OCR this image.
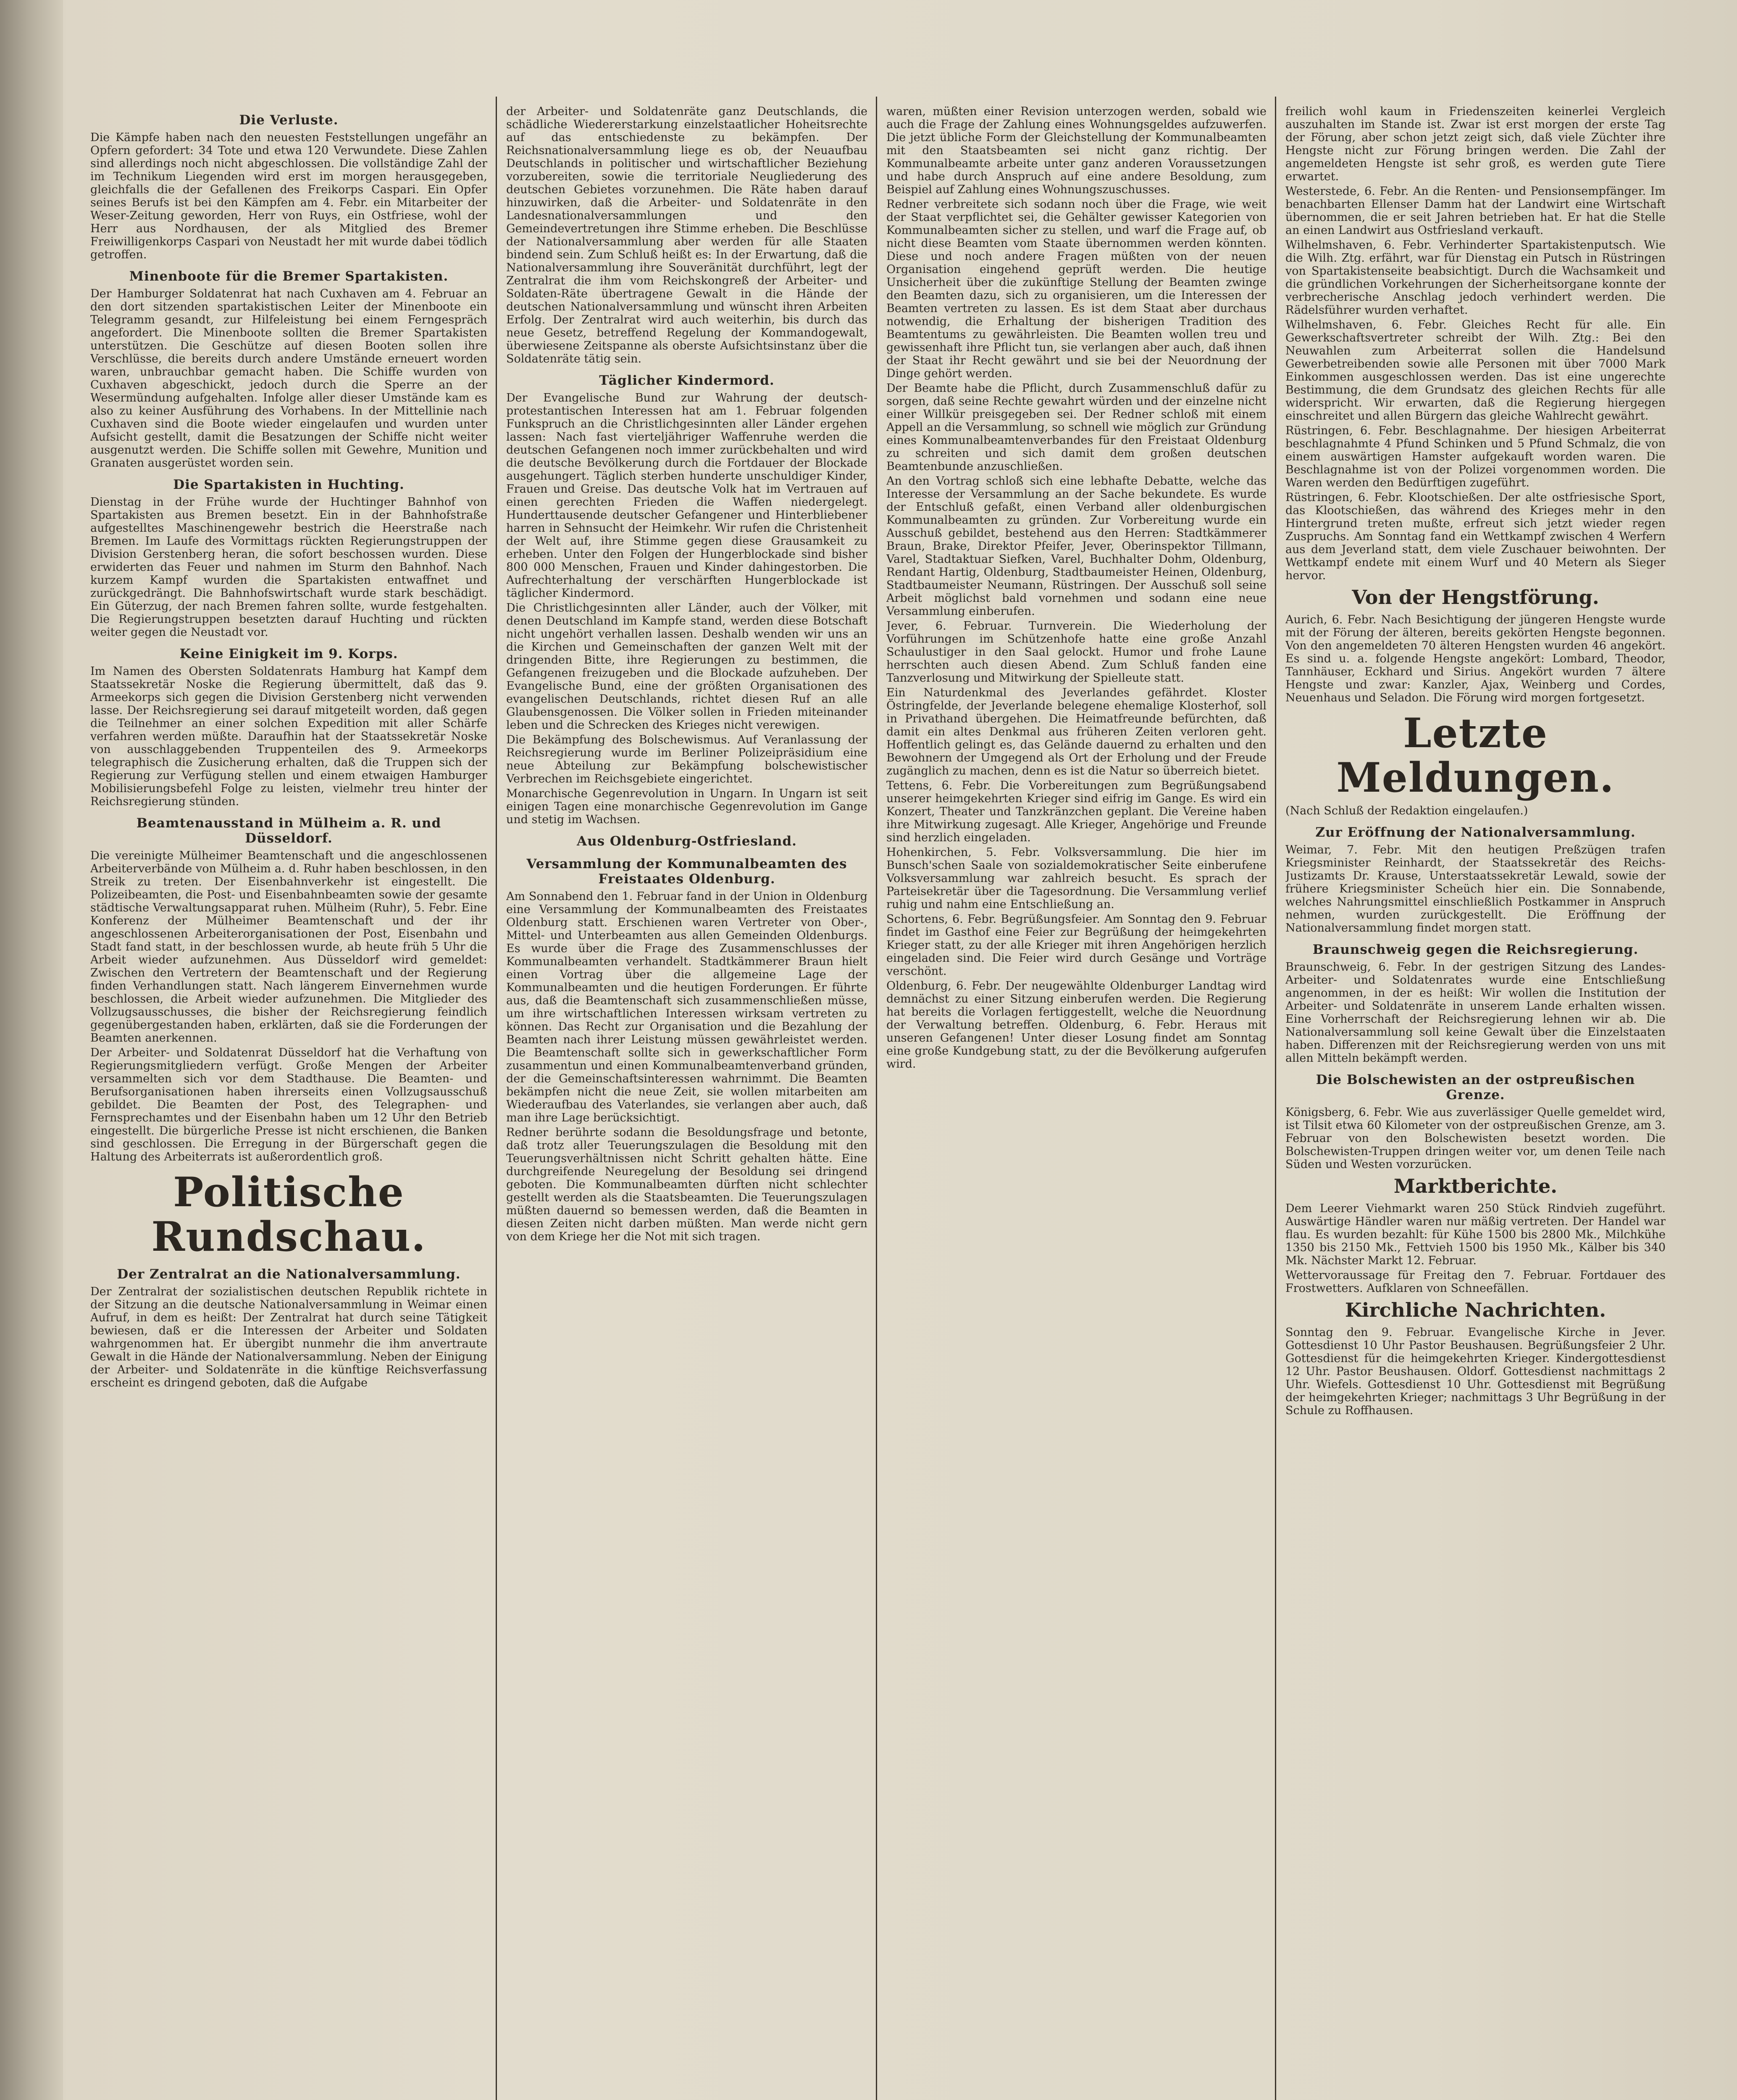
Die Verluste.

Die Kämpfe haben nach den neuesten Feststellungen ungefähr an Opfern gefordert: 34 Tote und etwa 120 Verwundete. Diese Zahlen sind allerdings noch nicht abgeschlossen. Die vollständige Zahl der im Technikum Liegenden wird erst im morgen herausgegeben, gleichfalls die der Gefallenen des Freikorps Caspari. Ein Opfer seines Berufs ist bei den Kämpfen am 4. Febr. ein Mitarbeiter der Weser-Zeitung geworden, Herr von Ruys, ein Ostfriese, wohl der Herr aus Nordhausen, der als Mitglied des Bremer Freiwilligenkorps Caspari von Neustadt her mit wurde dabei tödlich getroffen.

Minenboote für die Bremer Spartakisten.

Der Hamburger Soldatenrat hat nach Cuxhaven am 4. Februar an den dort sitzenden spartakistischen Leiter der Minenboote ein Telegramm gesandt, zur Hilfeleistung bei einem Ferngespräch angefordert. Die Minenboote sollten die Bremer Spartakisten unterstützen. Die Geschütze auf diesen Booten sollen ihre Verschlüsse, die bereits durch andere Umstände erneuert worden waren, unbrauchbar gemacht haben. Die Schiffe wurden von Cuxhaven abgeschickt, jedoch durch die Sperre an der Wesermündung aufgehalten. Infolge aller dieser Umstände kam es also zu keiner Ausführung des Vorhabens. In der Mittellinie nach Cuxhaven sind die Boote wieder eingelaufen und wurden unter Aufsicht gestellt, damit die Besatzungen der Schiffe nicht weiter ausgenutzt werden. Die Schiffe sollen mit Gewehre, Munition und Granaten ausgerüstet worden sein.

Die Spartakisten in Huchting.

Dienstag in der Frühe wurde der Huchtinger Bahnhof von Spartakisten aus Bremen besetzt. Ein in der Bahnhofstraße aufgestelltes Maschinengewehr bestrich die Heerstraße nach Bremen. Im Laufe des Vormittags rückten Regierungstruppen der Division Gerstenberg heran, die sofort beschossen wurden. Diese erwiderten das Feuer und nahmen im Sturm den Bahnhof. Nach kurzem Kampf wurden die Spartakisten entwaffnet und zurückgedrängt. Die Bahnhofswirtschaft wurde stark beschädigt. Ein Güterzug, der nach Bremen fahren sollte, wurde festgehalten. Die Regierungstruppen besetzten darauf Huchting und rückten weiter gegen die Neustadt vor.

Keine Einigkeit im 9. Korps.

Im Namen des Obersten Soldatenrats Hamburg hat Kampf dem Staatssekretär Noske die Regierung übermittelt, daß das 9. Armeekorps sich gegen die Division Gerstenberg nicht verwenden lasse. Der Reichsregierung sei darauf mitgeteilt worden, daß gegen die Teilnehmer an einer solchen Expedition mit aller Schärfe verfahren werden müßte. Daraufhin hat der Staatssekretär Noske von ausschlaggebenden Truppenteilen des 9. Armeekorps telegraphisch die Zusicherung erhalten, daß die Truppen sich der Regierung zur Verfügung stellen und einem etwaigen Hamburger Mobilisierungsbefehl Folge zu leisten, vielmehr treu hinter der Reichsregierung stünden.

Beamtenausstand in Mülheim a. R. und Düsseldorf.

Die vereinigte Mülheimer Beamtenschaft und die angeschlossenen Arbeiterverbände von Mülheim a. d. Ruhr haben beschlossen, in den Streik zu treten. Der Eisenbahnverkehr ist eingestellt. Die Polizeibeamten, die Post- und Eisenbahnbeamten sowie der gesamte städtische Verwaltungsapparat ruhen. Mülheim (Ruhr), 5. Febr. Eine Konferenz der Mülheimer Beamtenschaft und der ihr angeschlossenen Arbeiterorganisationen der Post, Eisenbahn und Stadt fand statt, in der beschlossen wurde, ab heute früh 5 Uhr die Arbeit wieder aufzunehmen. Aus Düsseldorf wird gemeldet: Zwischen den Vertretern der Beamtenschaft und der Regierung finden Verhandlungen statt. Nach längerem Einvernehmen wurde beschlossen, die Arbeit wieder aufzunehmen. Die Mitglieder des Vollzugsausschusses, die bisher der Reichsregierung feindlich gegenübergestanden haben, erklärten, daß sie die Forderungen der Beamten anerkennen.

Der Arbeiter- und Soldatenrat Düsseldorf hat die Verhaftung von Regierungsmitgliedern verfügt. Große Mengen der Arbeiter versammelten sich vor dem Stadthause. Die Beamten- und Berufsorganisationen haben ihrerseits einen Vollzugsausschuß gebildet. Die Beamten der Post, des Telegraphen- und Fernsprechamtes und der Eisenbahn haben um 12 Uhr den Betrieb eingestellt. Die bürgerliche Presse ist nicht erschienen, die Banken sind geschlossen. Die Erregung in der Bürgerschaft gegen die Haltung des Arbeiterrats ist außerordentlich groß.

Politische Rundschau.
Der Zentralrat an die Nationalversammlung.

Der Zentralrat der sozialistischen deutschen Republik richtete in der Sitzung an die deutsche Nationalversammlung in Weimar einen Aufruf, in dem es heißt: Der Zentralrat hat durch seine Tätigkeit bewiesen, daß er die Interessen der Arbeiter und Soldaten wahrgenommen hat. Er übergibt nunmehr die ihm anvertraute Gewalt in die Hände der Nationalversammlung. Neben der Einigung der Arbeiter- und Soldatenräte in die künftige Reichsverfassung erscheint es dringend geboten, daß die Aufgabe

der Arbeiter- und Soldatenräte ganz Deutschlands, die schädliche Wiedererstarkung einzelstaatlicher Hoheitsrechte auf das entschiedenste zu bekämpfen. Der Reichsnationalversammlung liege es ob, der Neuaufbau Deutschlands in politischer und wirtschaftlicher Beziehung vorzubereiten, sowie die territoriale Neugliederung des deutschen Gebietes vorzunehmen. Die Räte haben darauf hinzuwirken, daß die Arbeiter- und Soldatenräte in den Landesnationalversammlungen und den Gemeindevertretungen ihre Stimme erheben. Die Beschlüsse der Nationalversammlung aber werden für alle Staaten bindend sein. Zum Schluß heißt es: In der Erwartung, daß die Nationalversammlung ihre Souveränität durchführt, legt der Zentralrat die ihm vom Reichskongreß der Arbeiter- und Soldaten-Räte übertragene Gewalt in die Hände der deutschen Nationalversammlung und wünscht ihren Arbeiten Erfolg. Der Zentralrat wird auch weiterhin, bis durch das neue Gesetz, betreffend Regelung der Kommandogewalt, überwiesene Zeitspanne als oberste Aufsichtsinstanz über die Soldatenräte tätig sein.

Täglicher Kindermord.

Der Evangelische Bund zur Wahrung der deutsch-protestantischen Interessen hat am 1. Februar folgenden Funkspruch an die Christlichgesinnten aller Länder ergehen lassen: Nach fast vierteljähriger Waffenruhe werden die deutschen Gefangenen noch immer zurückbehalten und wird die deutsche Bevölkerung durch die Fortdauer der Blockade ausgehungert. Täglich sterben hunderte unschuldiger Kinder, Frauen und Greise. Das deutsche Volk hat im Vertrauen auf einen gerechten Frieden die Waffen niedergelegt. Hunderttausende deutscher Gefangener und Hinterbliebener harren in Sehnsucht der Heimkehr. Wir rufen die Christenheit der Welt auf, ihre Stimme gegen diese Grausamkeit zu erheben. Unter den Folgen der Hungerblockade sind bisher 800 000 Menschen, Frauen und Kinder dahingestorben. Die Aufrechterhaltung der verschärften Hungerblockade ist täglicher Kindermord.

Die Christlichgesinnten aller Länder, auch der Völker, mit denen Deutschland im Kampfe stand, werden diese Botschaft nicht ungehört verhallen lassen. Deshalb wenden wir uns an die Kirchen und Gemeinschaften der ganzen Welt mit der dringenden Bitte, ihre Regierungen zu bestimmen, die Gefangenen freizugeben und die Blockade aufzuheben. Der Evangelische Bund, eine der größten Organisationen des evangelischen Deutschlands, richtet diesen Ruf an alle Glaubensgenossen. Die Völker sollen in Frieden miteinander leben und die Schrecken des Krieges nicht verewigen.

Die Bekämpfung des Bolschewismus. Auf Veranlassung der Reichsregierung wurde im Berliner Polizeipräsidium eine neue Abteilung zur Bekämpfung bolschewistischer Verbrechen im Reichsgebiete eingerichtet.

Monarchische Gegenrevolution in Ungarn. In Ungarn ist seit einigen Tagen eine monarchische Gegenrevolution im Gange und stetig im Wachsen.

Aus Oldenburg-Ostfriesland.
Versammlung der Kommunalbeamten des Freistaates Oldenburg.

Am Sonnabend den 1. Februar fand in der Union in Oldenburg eine Versammlung der Kommunalbeamten des Freistaates Oldenburg statt. Erschienen waren Vertreter von Ober-, Mittel- und Unterbeamten aus allen Gemeinden Oldenburgs. Es wurde über die Frage des Zusammenschlusses der Kommunalbeamten verhandelt. Stadtkämmerer Braun hielt einen Vortrag über die allgemeine Lage der Kommunalbeamten und die heutigen Forderungen. Er führte aus, daß die Beamtenschaft sich zusammenschließen müsse, um ihre wirtschaftlichen Interessen wirksam vertreten zu können. Das Recht zur Organisation und die Bezahlung der Beamten nach ihrer Leistung müssen gewährleistet werden. Die Beamtenschaft sollte sich in gewerkschaftlicher Form zusammentun und einen Kommunalbeamtenverband gründen, der die Gemeinschaftsinteressen wahrnimmt. Die Beamten bekämpfen nicht die neue Zeit, sie wollen mitarbeiten am Wiederaufbau des Vaterlandes, sie verlangen aber auch, daß man ihre Lage berücksichtigt.

Redner berührte sodann die Besoldungsfrage und betonte, daß trotz aller Teuerungszulagen die Besoldung mit den Teuerungsverhältnissen nicht Schritt gehalten hätte. Eine durchgreifende Neuregelung der Besoldung sei dringend geboten. Die Kommunalbeamten dürften nicht schlechter gestellt werden als die Staatsbeamten. Die Teuerungszulagen müßten dauernd so bemessen werden, daß die Beamten in diesen Zeiten nicht darben müßten. Man werde nicht gern von dem Kriege her die Not mit sich tragen.

waren, müßten einer Revision unterzogen werden, sobald wie auch die Frage der Zahlung eines Wohnungsgeldes aufzuwerfen. Die jetzt übliche Form der Gleichstellung der Kommunalbeamten mit den Staatsbeamten sei nicht ganz richtig. Der Kommunalbeamte arbeite unter ganz anderen Voraussetzungen und habe durch Anspruch auf eine andere Besoldung, zum Beispiel auf Zahlung eines Wohnungszuschusses.

Redner verbreitete sich sodann noch über die Frage, wie weit der Staat verpflichtet sei, die Gehälter gewisser Kategorien von Kommunalbeamten sicher zu stellen, und warf die Frage auf, ob nicht diese Beamten vom Staate übernommen werden könnten. Diese und noch andere Fragen müßten von der neuen Organisation eingehend geprüft werden. Die heutige Unsicherheit über die zukünftige Stellung der Beamten zwinge den Beamten dazu, sich zu organisieren, um die Interessen der Beamten vertreten zu lassen. Es ist dem Staat aber durchaus notwendig, die Erhaltung der bisherigen Tradition des Beamtentums zu gewährleisten. Die Beamten wollen treu und gewissenhaft ihre Pflicht tun, sie verlangen aber auch, daß ihnen der Staat ihr Recht gewährt und sie bei der Neuordnung der Dinge gehört werden.

Der Beamte habe die Pflicht, durch Zusammenschluß dafür zu sorgen, daß seine Rechte gewahrt würden und der einzelne nicht einer Willkür preisgegeben sei. Der Redner schloß mit einem Appell an die Versammlung, so schnell wie möglich zur Gründung eines Kommunalbeamtenverbandes für den Freistaat Oldenburg zu schreiten und sich damit dem großen deutschen Beamtenbunde anzuschließen.

An den Vortrag schloß sich eine lebhafte Debatte, welche das Interesse der Versammlung an der Sache bekundete. Es wurde der Entschluß gefaßt, einen Verband aller oldenburgischen Kommunalbeamten zu gründen. Zur Vorbereitung wurde ein Ausschuß gebildet, bestehend aus den Herren: Stadtkämmerer Braun, Brake, Direktor Pfeifer, Jever, Oberinspektor Tillmann, Varel, Stadtaktuar Siefken, Varel, Buchhalter Dohm, Oldenburg, Rendant Hartig, Oldenburg, Stadtbaumeister Heinen, Oldenburg, Stadtbaumeister Neumann, Rüstringen. Der Ausschuß soll seine Arbeit möglichst bald vornehmen und sodann eine neue Versammlung einberufen.

Jever, 6. Februar. Turnverein. Die Wiederholung der Vorführungen im Schützenhofe hatte eine große Anzahl Schaulustiger in den Saal gelockt. Humor und frohe Laune herrschten auch diesen Abend. Zum Schluß fanden eine Tanzverlosung und Mitwirkung der Spielleute statt.

Ein Naturdenkmal des Jeverlandes gefährdet. Kloster Östringfelde, der Jeverlande belegene ehemalige Klosterhof, soll in Privathand übergehen. Die Heimatfreunde befürchten, daß damit ein altes Denkmal aus früheren Zeiten verloren geht. Hoffentlich gelingt es, das Gelände dauernd zu erhalten und den Bewohnern der Umgegend als Ort der Erholung und der Freude zugänglich zu machen, denn es ist die Natur so überreich bietet.

Tettens, 6. Febr. Die Vorbereitungen zum Begrüßungsabend unserer heimgekehrten Krieger sind eifrig im Gange. Es wird ein Konzert, Theater und Tanzkränzchen geplant. Die Vereine haben ihre Mitwirkung zugesagt. Alle Krieger, Angehörige und Freunde sind herzlich eingeladen.

Hohenkirchen, 5. Febr. Volksversammlung. Die hier im Bunsch'schen Saale von sozialdemokratischer Seite einberufene Volksversammlung war zahlreich besucht. Es sprach der Parteisekretär über die Tagesordnung. Die Versammlung verlief ruhig und nahm eine Entschließung an.

Schortens, 6. Febr. Begrüßungsfeier. Am Sonntag den 9. Februar findet im Gasthof eine Feier zur Begrüßung der heimgekehrten Krieger statt, zu der alle Krieger mit ihren Angehörigen herzlich eingeladen sind. Die Feier wird durch Gesänge und Vorträge verschönt.

Oldenburg, 6. Febr. Der neugewählte Oldenburger Landtag wird demnächst zu einer Sitzung einberufen werden. Die Regierung hat bereits die Vorlagen fertiggestellt, welche die Neuordnung der Verwaltung betreffen. Oldenburg, 6. Febr. Heraus mit unseren Gefangenen! Unter dieser Losung findet am Sonntag eine große Kundgebung statt, zu der die Bevölkerung aufgerufen wird.

freilich wohl kaum in Friedenszeiten keinerlei Vergleich auszuhalten im Stande ist. Zwar ist erst morgen der erste Tag der Förung, aber schon jetzt zeigt sich, daß viele Züchter ihre Hengste nicht zur Förung bringen werden. Die Zahl der angemeldeten Hengste ist sehr groß, es werden gute Tiere erwartet.

Westerstede, 6. Febr. An die Renten- und Pensionsempfänger. Im benachbarten Ellenser Damm hat der Landwirt eine Wirtschaft übernommen, die er seit Jahren betrieben hat. Er hat die Stelle an einen Landwirt aus Ostfriesland verkauft.

Wilhelmshaven, 6. Febr. Verhinderter Spartakistenputsch. Wie die Wilh. Ztg. erfährt, war für Dienstag ein Putsch in Rüstringen von Spartakistenseite beabsichtigt. Durch die Wachsamkeit und die gründlichen Vorkehrungen der Sicherheitsorgane konnte der verbrecherische Anschlag jedoch verhindert werden. Die Rädelsführer wurden verhaftet.

Wilhelmshaven, 6. Febr. Gleiches Recht für alle. Ein Gewerkschaftsvertreter schreibt der Wilh. Ztg.: Bei den Neuwahlen zum Arbeiterrat sollen die Handelsund Gewerbetreibenden sowie alle Personen mit über 7000 Mark Einkommen ausgeschlossen werden. Das ist eine ungerechte Bestimmung, die dem Grundsatz des gleichen Rechts für alle widerspricht. Wir erwarten, daß die Regierung hiergegen einschreitet und allen Bürgern das gleiche Wahlrecht gewährt.

Rüstringen, 6. Febr. Beschlagnahme. Der hiesigen Arbeiterrat beschlagnahmte 4 Pfund Schinken und 5 Pfund Schmalz, die von einem auswärtigen Hamster aufgekauft worden waren. Die Beschlagnahme ist von der Polizei vorgenommen worden. Die Waren werden den Bedürftigen zugeführt.

Rüstringen, 6. Febr. Klootschießen. Der alte ostfriesische Sport, das Klootschießen, das während des Krieges mehr in den Hintergrund treten mußte, erfreut sich jetzt wieder regen Zuspruchs. Am Sonntag fand ein Wettkampf zwischen 4 Werfern aus dem Jeverland statt, dem viele Zuschauer beiwohnten. Der Wettkampf endete mit einem Wurf und 40 Metern als Sieger hervor.

Von der Hengstförung.

Aurich, 6. Febr. Nach Besichtigung der jüngeren Hengste wurde mit der Förung der älteren, bereits gekörten Hengste begonnen. Von den angemeldeten 70 älteren Hengsten wurden 46 angekört. Es sind u. a. folgende Hengste angekört: Lombard, Theodor, Tannhäuser, Eckhard und Sirius. Angekört wurden 7 ältere Hengste und zwar: Kanzler, Ajax, Weinberg und Cordes, Neuenhaus und Seladon. Die Förung wird morgen fortgesetzt.

Letzte Meldungen.

(Nach Schluß der Redaktion eingelaufen.)

Zur Eröffnung der Nationalversammlung.

Weimar, 7. Febr. Mit den heutigen Preßzügen trafen Kriegsminister Reinhardt, der Staatssekretär des Reichs-Justizamts Dr. Krause, Unterstaatssekretär Lewald, sowie der frühere Kriegsminister Scheüch hier ein. Die Sonnabende, welches Nahrungsmittel einschließlich Postkammer in Anspruch nehmen, wurden zurückgestellt. Die Eröffnung der Nationalversammlung findet morgen statt.

Braunschweig gegen die Reichsregierung.

Braunschweig, 6. Febr. In der gestrigen Sitzung des Landes-Arbeiter- und Soldatenrates wurde eine Entschließung angenommen, in der es heißt: Wir wollen die Institution der Arbeiter- und Soldatenräte in unserem Lande erhalten wissen. Eine Vorherrschaft der Reichsregierung lehnen wir ab. Die Nationalversammlung soll keine Gewalt über die Einzelstaaten haben. Differenzen mit der Reichsregierung werden von uns mit allen Mitteln bekämpft werden.

Die Bolschewisten an der ostpreußischen Grenze.

Königsberg, 6. Febr. Wie aus zuverlässiger Quelle gemeldet wird, ist Tilsit etwa 60 Kilometer von der ostpreußischen Grenze, am 3. Februar von den Bolschewisten besetzt worden. Die Bolschewisten-Truppen dringen weiter vor, um denen Teile nach Süden und Westen vorzurücken.

Marktberichte.

Dem Leerer Viehmarkt waren 250 Stück Rindvieh zugeführt. Auswärtige Händler waren nur mäßig vertreten. Der Handel war flau. Es wurden bezahlt: für Kühe 1500 bis 2800 Mk., Milchkühe 1350 bis 2150 Mk., Fettvieh 1500 bis 1950 Mk., Kälber bis 340 Mk. Nächster Markt 12. Februar.

Wettervoraussage für Freitag den 7. Februar. Fortdauer des Frostwetters. Aufklaren von Schneefällen.

Kirchliche Nachrichten.

Sonntag den 9. Februar. Evangelische Kirche in Jever. Gottesdienst 10 Uhr Pastor Beushausen. Begrüßungsfeier 2 Uhr. Gottesdienst für die heimgekehrten Krieger. Kindergottesdienst 12 Uhr. Pastor Beushausen. Oldorf. Gottesdienst nachmittags 2 Uhr. Wiefels. Gottesdienst 10 Uhr. Gottesdienst mit Begrüßung der heimgekehrten Krieger; nachmittags 3 Uhr Begrüßung in der Schule zu Roffhausen.
